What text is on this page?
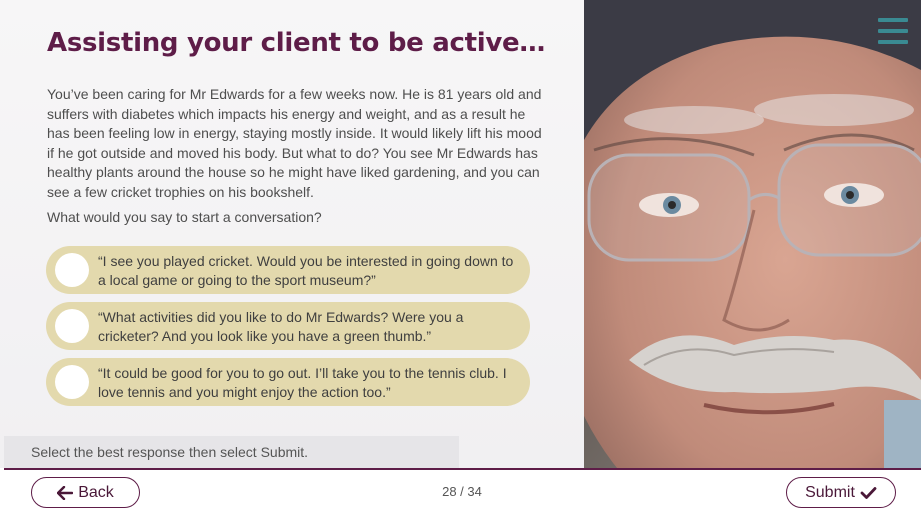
Assisting your client to be active…

You’ve been caring for Mr Edwards for a few weeks now. He is 81 years old and suffers with diabetes which impacts his energy and weight, and as a result he has been feeling low in energy, staying mostly inside. It would likely lift his mood if he got outside and moved his body. But what to do? You see Mr Edwards has healthy plants around the house so he might have liked gardening, and you can see a few cricket trophies on his bookshelf.

What would you say to start a conversation?

“I see you played cricket. Would you be interested in going down to a local game or going to the sport museum?”
“What activities did you like to do Mr Edwards? Were you a cricketer? And you look like you have a green thumb.”
“It could be good for you to go out. I’ll take you to the tennis club. I love tennis and you might enjoy the action too.”
Select the best response then select Submit.
Back	28 / 34	Submit
